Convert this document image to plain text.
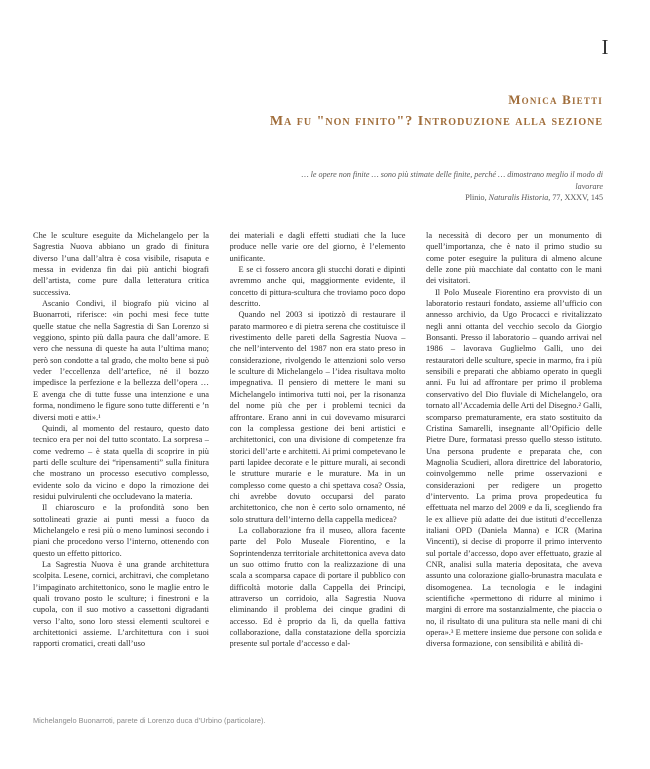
I
Monica Bietti
Ma fu "non finito"? Introduzione alla sezione
… le opere non finite … sono più stimate delle finite, perché … dimostrano meglio il modo di lavorare
Plinio, Naturalis Historia, 77, XXXV, 145

Che le sculture eseguite da Michelangelo per la Sagrestia Nuova abbiano un grado di finitura diverso l’una dall’altra è cosa visibile, risaputa e messa in evidenza fin dai più antichi biografi dell’artista, come pure dalla letteratura critica successiva.

Ascanio Condivi, il biografo più vicino al Buonarroti, riferisce: «in pochi mesi fece tutte quelle statue che nella Sagrestia di San Lorenzo si veggiono, spinto più dalla paura che dall’amore. E vero che nessuna di queste ha auta l’ultima mano; però son condotte a tal grado, che molto bene si può veder l’eccellenza dell’artefice, né il bozzo impedisce la perfezione e la bellezza dell’opera … E avenga che di tutte fusse una intenzione e una forma, nondimeno le figure sono tutte differenti e ’n diversi moti e atti».¹

Quindi, al momento del restauro, questo dato tecnico era per noi del tutto scontato. La sorpresa – come vedremo – è stata quella di scoprire in più parti delle sculture dei “ripensamenti” sulla finitura che mostrano un processo esecutivo complesso, evidente solo da vicino e dopo la rimozione dei residui pulvirulenti che occludevano la materia.

Il chiaroscuro e la profondità sono ben sottolineati grazie ai punti messi a fuoco da Michelangelo e resi più o meno luminosi secondo i piani che procedono verso l’interno, ottenendo con questo un effetto pittorico.

La Sagrestia Nuova è una grande architettura scolpita. Lesene, cornici, architravi, che completano l’impaginato architettonico, sono le maglie entro le quali trovano posto le sculture; i finestroni e la cupola, con il suo motivo a cassettoni digradanti verso l’alto, sono loro stessi elementi scultorei e architettonici assieme. L’architettura con i suoi rapporti cromatici, creati dall’uso

dei materiali e dagli effetti studiati che la luce produce nelle varie ore del giorno, è l’elemento unificante.

E se ci fossero ancora gli stucchi dorati e dipinti avremmo anche qui, maggiormente evidente, il concetto di pittura-scultura che troviamo poco dopo descritto.

Quando nel 2003 si ipotizzò di restaurare il parato marmoreo e di pietra serena che costituisce il rivestimento delle pareti della Sagrestia Nuova – che nell’intervento del 1987 non era stato preso in considerazione, rivolgendo le attenzioni solo verso le sculture di Michelangelo – l’idea risultava molto impegnativa. Il pensiero di mettere le mani su Michelangelo intimoriva tutti noi, per la risonanza del nome più che per i problemi tecnici da affrontare. Erano anni in cui dovevamo misurarci con la complessa gestione dei beni artistici e architettonici, con una divisione di competenze fra storici dell’arte e architetti. Ai primi competevano le parti lapidee decorate e le pitture murali, ai secondi le strutture murarie e le murature. Ma in un complesso come questo a chi spettava cosa? Ossia, chi avrebbe dovuto occuparsi del parato architettonico, che non è certo solo ornamento, né solo struttura dell’interno della cappella medicea?

La collaborazione fra il museo, allora facente parte del Polo Museale Fiorentino, e la Soprintendenza territoriale architettonica aveva dato un suo ottimo frutto con la realizzazione di una scala a scomparsa capace di portare il pubblico con difficoltà motorie dalla Cappella dei Principi, attraverso un corridoio, alla Sagrestia Nuova eliminando il problema dei cinque gradini di accesso. Ed è proprio da lì, da quella fattiva collaborazione, dalla constatazione della sporcizia presente sul portale d’accesso e dal-

la necessità di decoro per un monumento di quell’importanza, che è nato il primo studio su come poter eseguire la pulitura di almeno alcune delle zone più macchiate dal contatto con le mani dei visitatori.

Il Polo Museale Fiorentino era provvisto di un laboratorio restauri fondato, assieme all’ufficio con annesso archivio, da Ugo Procacci e rivitalizzato negli anni ottanta del vecchio secolo da Giorgio Bonsanti. Presso il laboratorio – quando arrivai nel 1986 – lavorava Guglielmo Galli, uno dei restauratori delle sculture, specie in marmo, fra i più sensibili e preparati che abbiamo operato in quegli anni. Fu lui ad affrontare per primo il problema conservativo del Dio fluviale di Michelangelo, ora tornato all’Accademia delle Arti del Disegno.² Galli, scomparso prematuramente, era stato sostituito da Cristina Samarelli, insegnante all’Opificio delle Pietre Dure, formatasi presso quello stesso istituto. Una persona prudente e preparata che, con Magnolia Scudieri, allora direttrice del laboratorio, coinvolgemmo nelle prime osservazioni e considerazioni per redigere un progetto d’intervento. La prima prova propedeutica fu effettuata nel marzo del 2009 e da lì, scegliendo fra le ex allieve più adatte dei due istituti d’eccellenza italiani OPD (Daniela Manna) e ICR (Marina Vincenti), si decise di proporre il primo intervento sul portale d’accesso, dopo aver effettuato, grazie al CNR, analisi sulla materia depositata, che aveva assunto una colorazione giallo-brunastra maculata e disomogenea. La tecnologia e le indagini scientifiche «permettono di ridurre al minimo i margini di errore ma sostanzialmente, che piaccia o no, il risultato di una pulitura sta nelle mani di chi opera».³ E mettere insieme due persone con solida e diversa formazione, con sensibilità e abilità di-

Michelangelo Buonarroti, parete di Lorenzo duca d’Urbino (particolare).
